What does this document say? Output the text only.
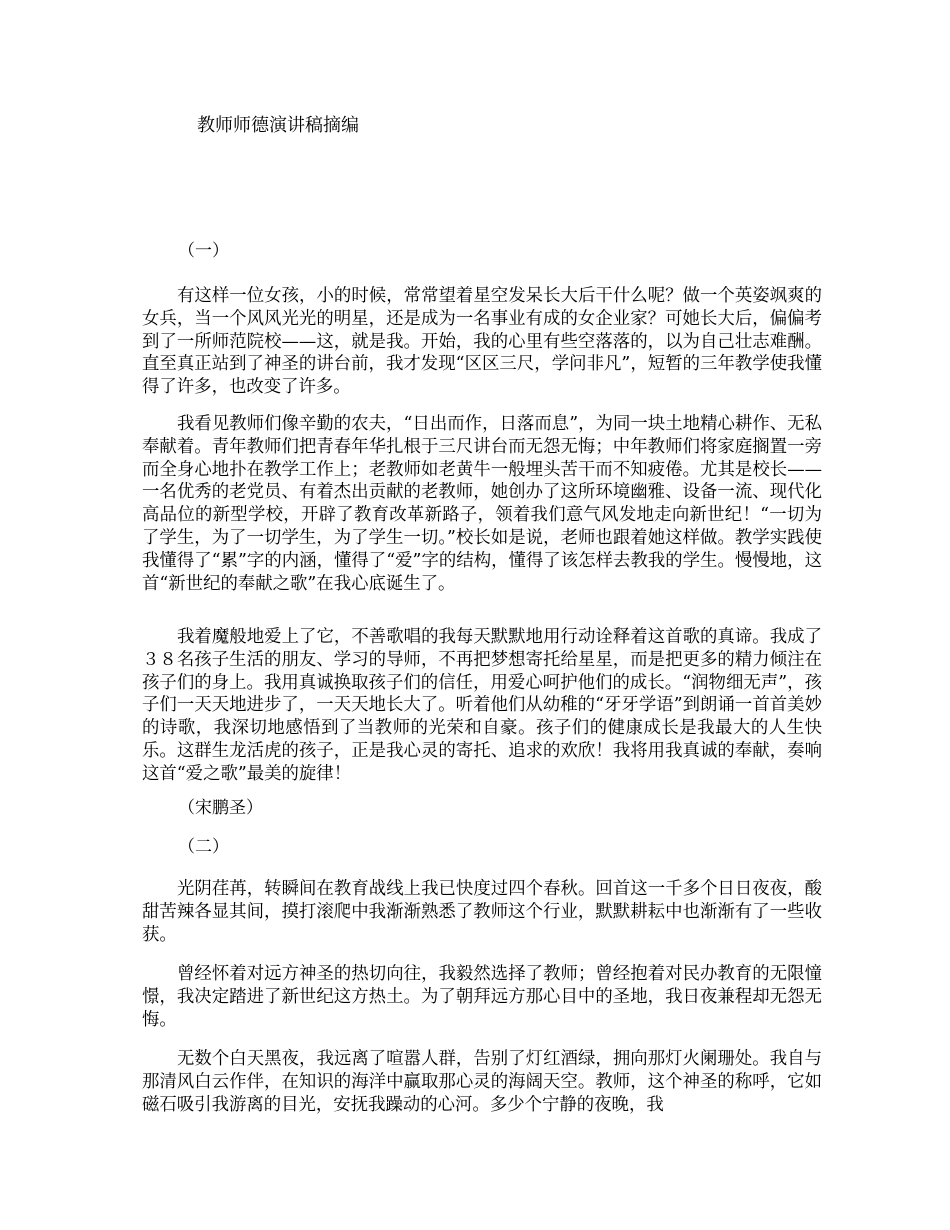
教师师德演讲稿摘编
（一）

有这样一位女孩，小的时候，常常望着星空发呆长大后干什么呢？做一个英姿飒爽的女兵，当一个风风光光的明星，还是成为一名事业有成的女企业家？可她长大后，偏偏考到了一所师范院校——这，就是我。开始，我的心里有些空落落的，以为自己壮志难酬。直至真正站到了神圣的讲台前，我才发现“区区三尺，学问非凡”，短暂的三年教学使我懂得了许多，也改变了许多。

我看见教师们像辛勤的农夫，“日出而作，日落而息”，为同一块土地精心耕作、无私奉献着。青年教师们把青春年华扎根于三尺讲台而无怨无悔；中年教师们将家庭搁置一旁而全身心地扑在教学工作上；老教师如老黄牛一般埋头苦干而不知疲倦。尤其是校长——一名优秀的老党员、有着杰出贡献的老教师，她创办了这所环境幽雅、设备一流、现代化高品位的新型学校，开辟了教育改革新路子，领着我们意气风发地走向新世纪！“一切为了学生，为了一切学生，为了学生一切。”校长如是说，老师也跟着她这样做。教学实践使我懂得了“累”字的内涵，懂得了“爱”字的结构，懂得了该怎样去教我的学生。慢慢地，这首“新世纪的奉献之歌”在我心底诞生了。

我着魔般地爱上了它，不善歌唱的我每天默默地用行动诠释着这首歌的真谛。我成了３８名孩子生活的朋友、学习的导师，不再把梦想寄托给星星，而是把更多的精力倾注在孩子们的身上。我用真诚换取孩子们的信任，用爱心呵护他们的成长。“润物细无声”，孩子们一天天地进步了，一天天地长大了。听着他们从幼稚的“牙牙学语”到朗诵一首首美妙的诗歌，我深切地感悟到了当教师的光荣和自豪。孩子们的健康成长是我最大的人生快乐。这群生龙活虎的孩子，正是我心灵的寄托、追求的欢欣！我将用我真诚的奉献，奏响这首“爱之歌”最美的旋律！

（宋鹏圣）
（二）

光阴荏苒，转瞬间在教育战线上我已快度过四个春秋。回首这一千多个日日夜夜，酸甜苦辣各显其间，摸打滚爬中我渐渐熟悉了教师这个行业，默默耕耘中也渐渐有了一些收获。

曾经怀着对远方神圣的热切向往，我毅然选择了教师；曾经抱着对民办教育的无限憧憬，我决定踏进了新世纪这方热土。为了朝拜远方那心目中的圣地，我日夜兼程却无怨无悔。

无数个白天黑夜，我远离了喧嚣人群，告别了灯红酒绿，拥向那灯火阑珊处。我自与那清风白云作伴，在知识的海洋中赢取那心灵的海阔天空。教师，这个神圣的称呼，它如磁石吸引我游离的目光，安抚我躁动的心河。多少个宁静的夜晚，我
